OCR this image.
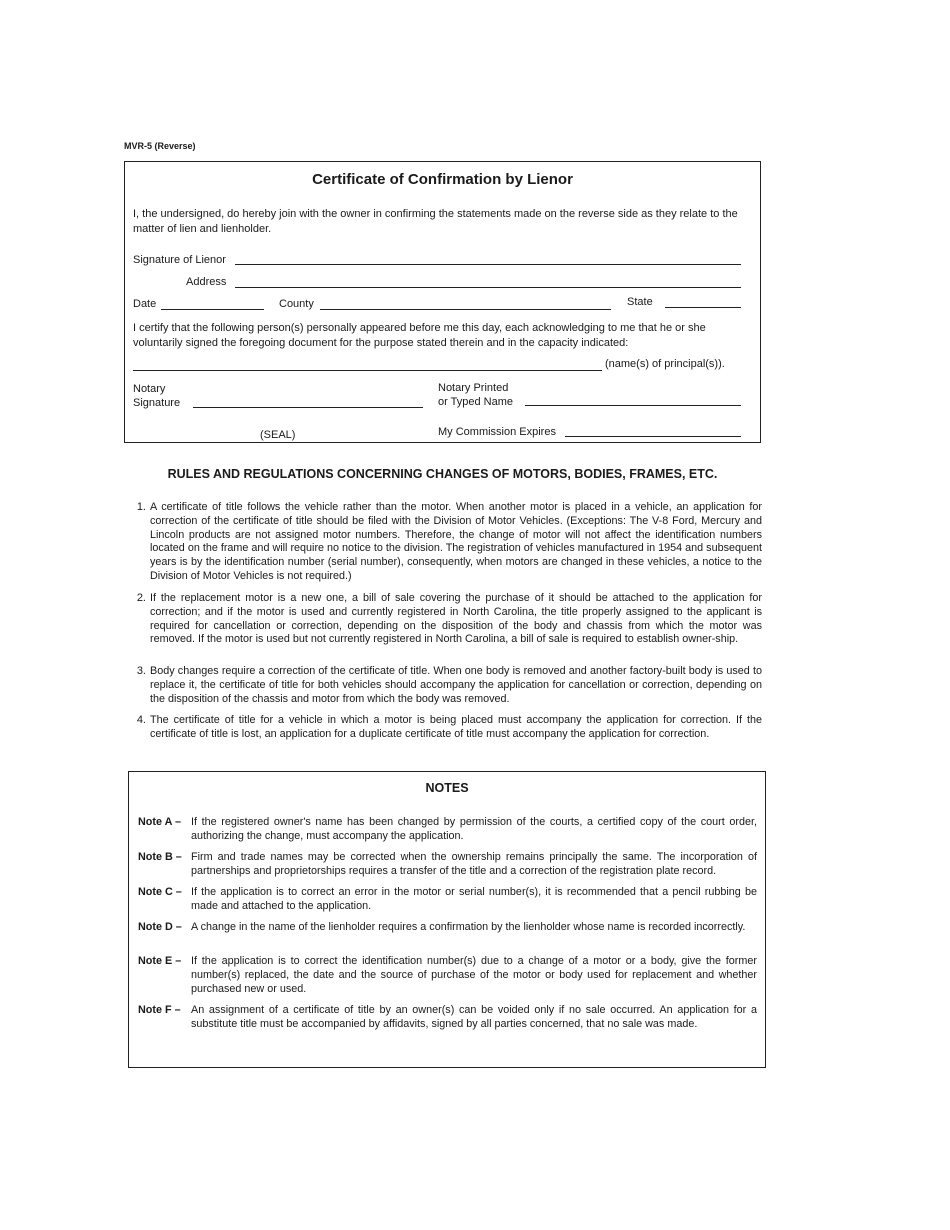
MVR-5 (Reverse)
Certificate of Confirmation by Lienor
I, the undersigned, do hereby join with the owner in confirming the statements made on the reverse side as they relate to the matter of lien and lienholder.
Signature of Lienor
Address
Date	County	State
I certify that the following person(s) personally appeared before me this day, each acknowledging to me that he or she voluntarily signed the foregoing document for the purpose stated therein and in the capacity indicated:
(name(s) of principal(s)).
Notary
Signature
Notary Printed
or Typed Name
(SEAL)	My Commission Expires
RULES AND REGULATIONS CONCERNING CHANGES OF MOTORS, BODIES, FRAMES, ETC.
1. A certificate of title follows the vehicle rather than the motor. When another motor is placed in a vehicle, an application for correction of the certificate of title should be filed with the Division of Motor Vehicles. (Exceptions: The V-8 Ford, Mercury and Lincoln products are not assigned motor numbers. Therefore, the change of motor will not affect the identification numbers located on the frame and will require no notice to the division. The registration of vehicles manufactured in 1954 and subsequent years is by the identification number (serial number), consequently, when motors are changed in these vehicles, a notice to the Division of Motor Vehicles is not required.)
2. If the replacement motor is a new one, a bill of sale covering the purchase of it should be attached to the application for correction; and if the motor is used and currently registered in North Carolina, the title properly assigned to the applicant is required for cancellation or correction, depending on the disposition of the body and chassis from which the motor was removed. If the motor is used but not currently registered in North Carolina, a bill of sale is required to establish owner-ship.
3. Body changes require a correction of the certificate of title. When one body is removed and another factory-built body is used to replace it, the certificate of title for both vehicles should accompany the application for cancellation or correction, depending on the disposition of the chassis and motor from which the body was removed.
4. The certificate of title for a vehicle in which a motor is being placed must accompany the application for correction. If the certificate of title is lost, an application for a duplicate certificate of title must accompany the application for correction.
NOTES
Note A – If the registered owner's name has been changed by permission of the courts, a certified copy of the court order, authorizing the change, must accompany the application.
Note B – Firm and trade names may be corrected when the ownership remains principally the same. The incorporation of partnerships and proprietorships requires a transfer of the title and a correction of the registration plate record.
Note C – If the application is to correct an error in the motor or serial number(s), it is recommended that a pencil rubbing be made and attached to the application.
Note D – A change in the name of the lienholder requires a confirmation by the lienholder whose name is recorded incorrectly.
Note E – If the application is to correct the identification number(s) due to a change of a motor or a body, give the former number(s) replaced, the date and the source of purchase of the motor or body used for replacement and whether purchased new or used.
Note F – An assignment of a certificate of title by an owner(s) can be voided only if no sale occurred. An application for a substitute title must be accompanied by affidavits, signed by all parties concerned, that no sale was made.
